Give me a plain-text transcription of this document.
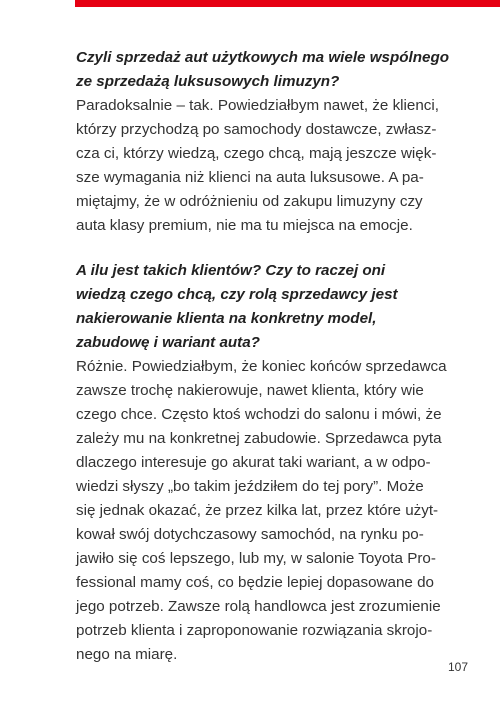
Czyli sprzedaż aut użytkowych ma wiele wspólnego
ze sprzedażą luksusowych limuzyn?
Paradoksalnie – tak. Powiedziałbym nawet, że klienci,
którzy przychodzą po samochody dostawcze, zwłasz-
cza ci, którzy wiedzą, czego chcą, mają jeszcze więk-
sze wymagania niż klienci na auta luksusowe. A pa-
miętajmy, że w odróżnieniu od zakupu limuzyny czy
auta klasy premium, nie ma tu miejsca na emocje.
A ilu jest takich klientów? Czy to raczej oni
wiedzą czego chcą, czy rolą sprzedawcy jest
nakierowanie klienta na konkretny model,
zabudowę i wariant auta?
Różnie. Powiedziałbym, że koniec końców sprzedawca
zawsze trochę nakierowuje, nawet klienta, który wie
czego chce. Często ktoś wchodzi do salonu i mówi, że
zależy mu na konkretnej zabudowie. Sprzedawca pyta
dlaczego interesuje go akurat taki wariant, a w odpo-
wiedzi słyszy „bo takim jeździłem do tej pory”. Może
się jednak okazać, że przez kilka lat, przez które użyt-
kował swój dotychczasowy samochód, na rynku po-
jawiło się coś lepszego, lub my, w salonie Toyota Pro-
fessional mamy coś, co będzie lepiej dopasowane do
jego potrzeb. Zawsze rolą handlowca jest zrozumienie
potrzeb klienta i zaproponowanie rozwiązania skrojo-
nego na miarę.
107
